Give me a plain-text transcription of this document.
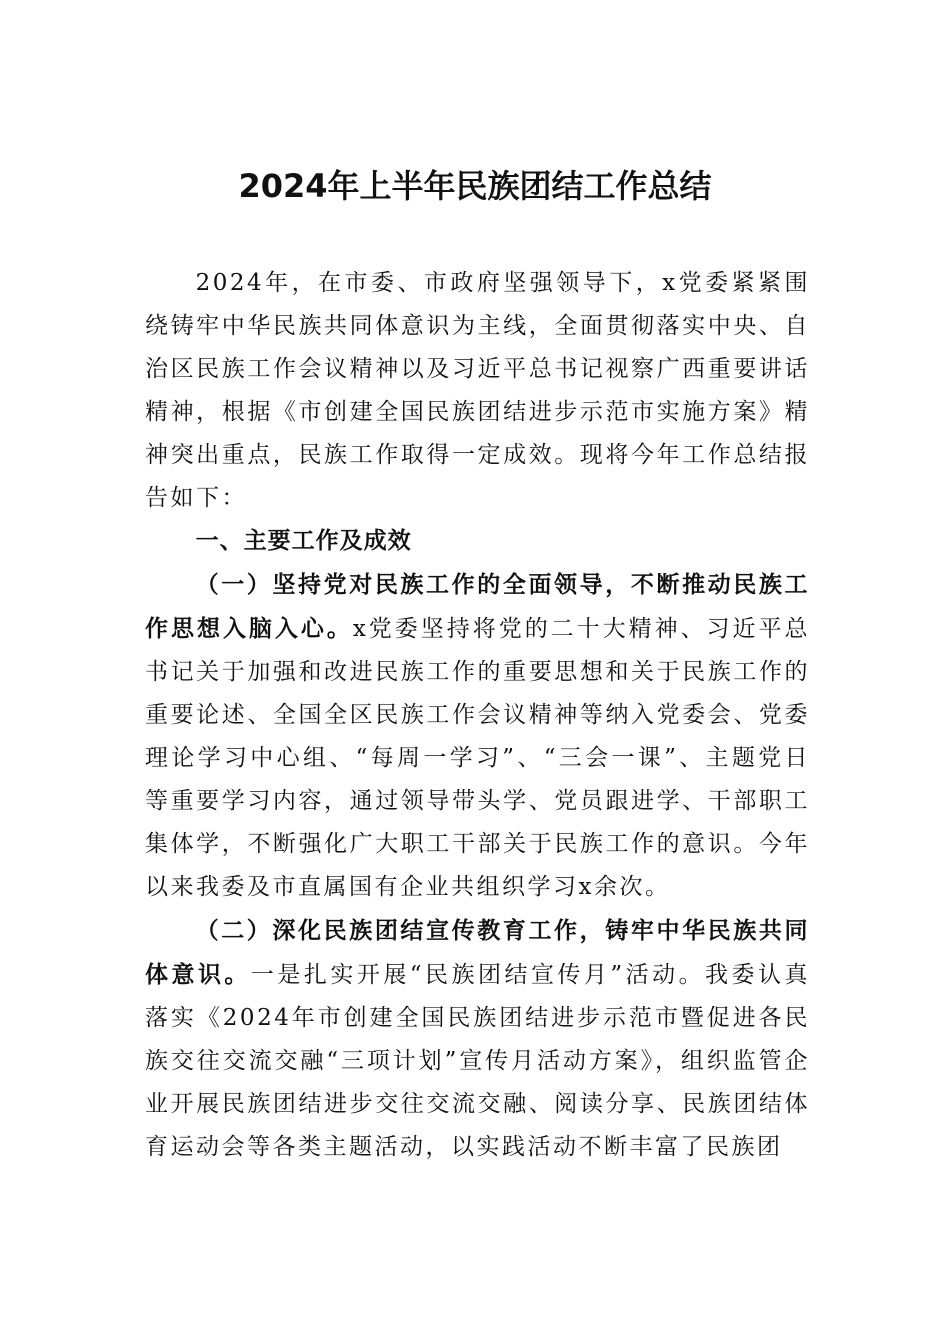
2024年上半年民族团结工作总结

2024年，在市委、市政府坚强领导下，x党委紧紧围绕铸牢中华民族共同体意识为主线，全面贯彻落实中央、自治区民族工作会议精神以及习近平总书记视察广西重要讲话精神，根据《市创建全国民族团结进步示范市实施方案》精神突出重点，民族工作取得一定成效。现将今年工作总结报告如下：

一、主要工作及成效

（一）坚持党对民族工作的全面领导，不断推动民族工作思想入脑入心。x党委坚持将党的二十大精神、习近平总书记关于加强和改进民族工作的重要思想和关于民族工作的重要论述、全国全区民族工作会议精神等纳入党委会、党委理论学习中心组、“每周一学习”、“三会一课”、主题党日等重要学习内容，通过领导带头学、党员跟进学、干部职工集体学，不断强化广大职工干部关于民族工作的意识。今年以来我委及市直属国有企业共组织学习x余次。

（二）深化民族团结宣传教育工作，铸牢中华民族共同体意识。一是扎实开展“民族团结宣传月”活动。我委认真落实《2024年市创建全国民族团结进步示范市暨促进各民族交往交流交融“三项计划”宣传月活动方案》，组织监管企业开展民族团结进步交往交流交融、阅读分享、民族团结体育运动会等各类主题活动，以实践活动不断丰富了民族团
